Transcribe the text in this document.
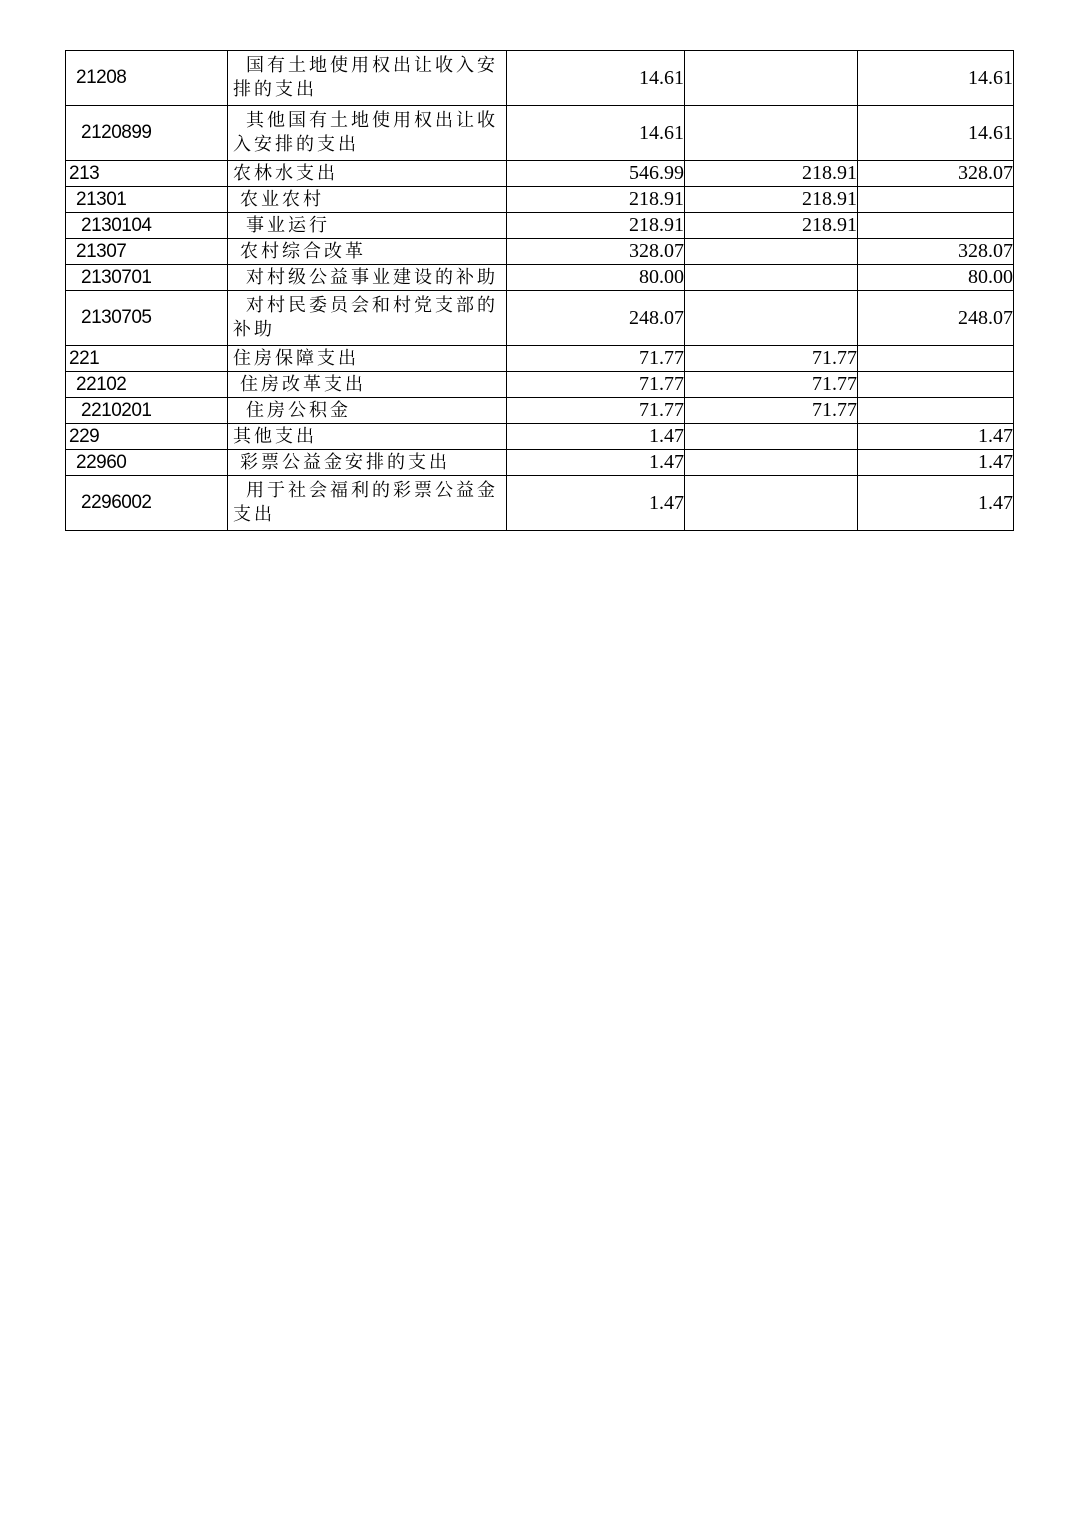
21208	国有土地使用权出让收入安排的支出	14.61		14.61
2120899	其他国有土地使用权出让收入安排的支出	14.61		14.61
213	农林水支出	546.99	218.91	328.07
21301	农业农村	218.91	218.91	
2130104	事业运行	218.91	218.91	
21307	农村综合改革	328.07		328.07
2130701	对村级公益事业建设的补助	80.00		80.00
2130705	对村民委员会和村党支部的补助	248.07		248.07
221	住房保障支出	71.77	71.77	
22102	住房改革支出	71.77	71.77	
2210201	住房公积金	71.77	71.77	
229	其他支出	1.47		1.47
22960	彩票公益金安排的支出	1.47		1.47
2296002	用于社会福利的彩票公益金支出	1.47		1.47
